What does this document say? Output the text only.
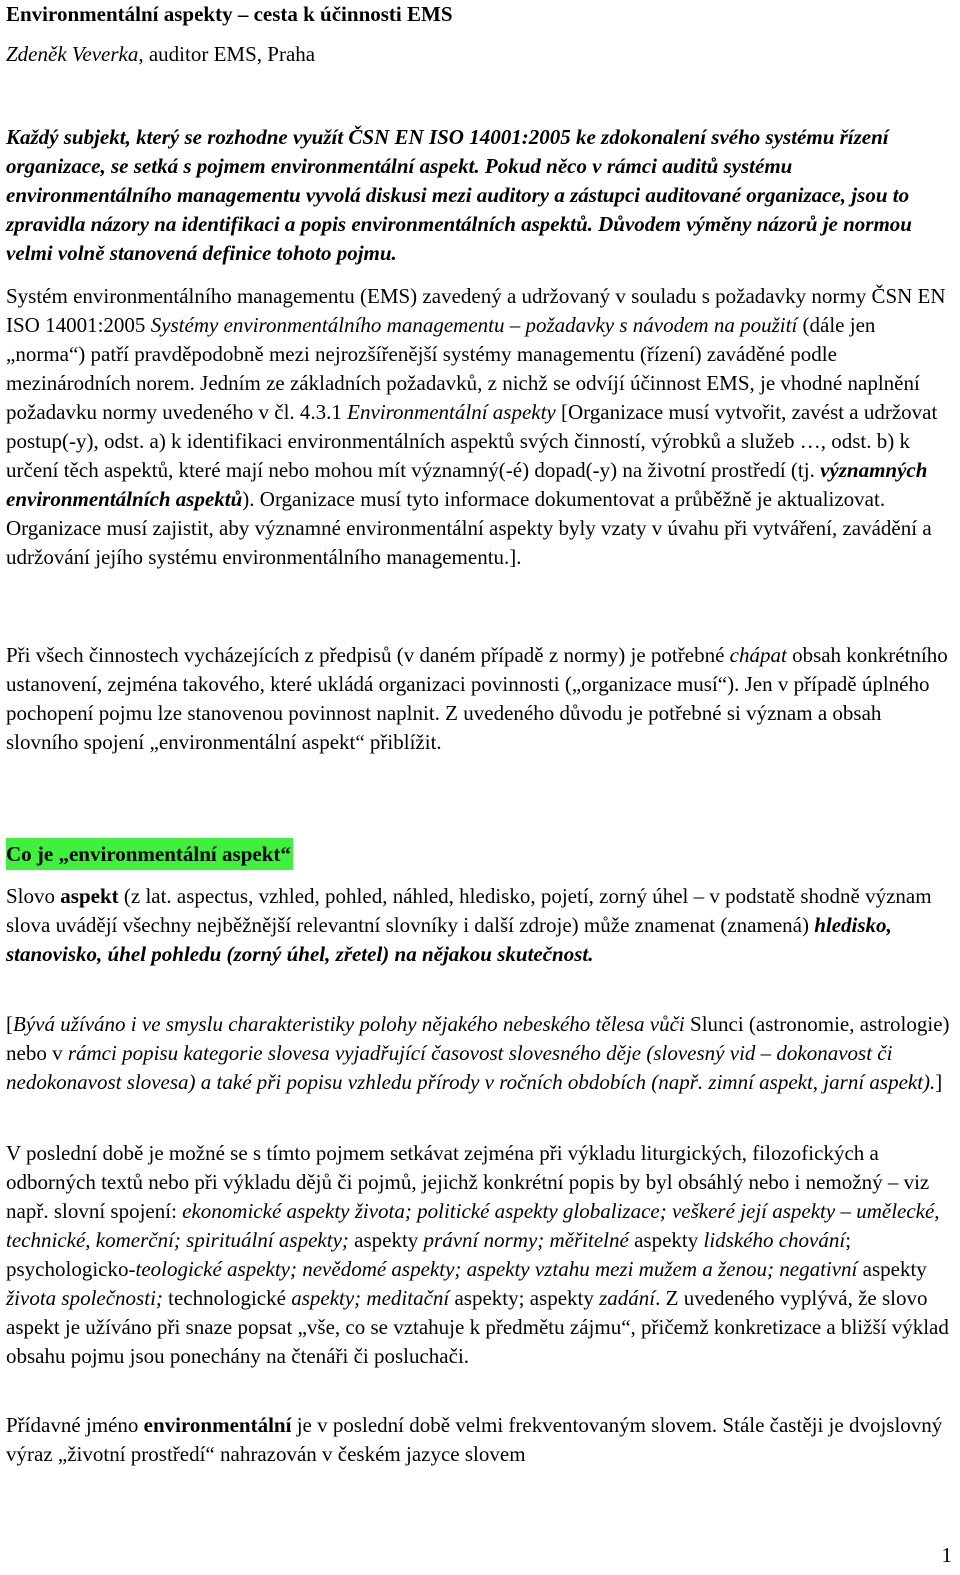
Environmentální aspekty – cesta k účinnosti EMS

Zdeněk Veverka, auditor EMS, Praha

Každý subjekt, který se rozhodne využít ČSN EN ISO 14001:2005 ke zdokonalení svého systému řízení organizace, se setká s pojmem environmentální aspekt. Pokud něco v rámci auditů systému environmentálního managementu vyvolá diskusi mezi auditory a zástupci auditované organizace, jsou to zpravidla názory na identifikaci a popis environmentálních aspektů. Důvodem výměny názorů je normou velmi volně stanovená definice tohoto pojmu.

Systém environmentálního managementu (EMS) zavedený a udržovaný v souladu s požadavky normy ČSN EN ISO 14001:2005 Systémy environmentálního managementu – požadavky s návodem na použití (dále jen „norma“) patří pravděpodobně mezi nejrozšířenější systémy managementu (řízení) zaváděné podle mezinárodních norem. Jedním ze základních požadavků, z nichž se odvíjí účinnost EMS, je vhodné naplnění požadavku normy uvedeného v čl. 4.3.1 Environmentální aspekty [Organizace musí vytvořit, zavést a udržovat postup(-y), odst. a) k identifikaci environmentálních aspektů svých činností, výrobků a služeb …, odst. b) k určení těch aspektů, které mají nebo mohou mít významný(-é) dopad(-y) na životní prostředí (tj. významných environmentálních aspektů). Organizace musí tyto informace dokumentovat a průběžně je aktualizovat. Organizace musí zajistit, aby významné environmentální aspekty byly vzaty v úvahu při vytváření, zavádění a udržování jejího systému environmentálního managementu.].

Při všech činnostech vycházejících z předpisů (v daném případě z normy) je potřebné chápat obsah konkrétního ustanovení, zejména takového, které ukládá organizaci povinnosti („organizace musí“). Jen v případě úplného pochopení pojmu lze stanovenou povinnost naplnit. Z uvedeného důvodu je potřebné si význam a obsah slovního spojení „environmentální aspekt“ přiblížit.

Co je „environmentální aspekt“

Slovo aspekt (z lat. aspectus, vzhled, pohled, náhled, hledisko, pojetí, zorný úhel – v podstatě shodně význam slova uvádějí všechny nejběžnější relevantní slovníky i další zdroje) může znamenat (znamená) hledisko, stanovisko, úhel pohledu (zorný úhel, zřetel) na nějakou skutečnost.

[Bývá užíváno i ve smyslu charakteristiky polohy nějakého nebeského tělesa vůči Slunci (astronomie, astrologie) nebo v rámci popisu kategorie slovesa vyjadřující časovost slovesného děje (slovesný vid – dokonavost či nedokonavost slovesa) a také při popisu vzhledu přírody v ročních obdobích (např. zimní aspekt, jarní aspekt).]

V poslední době je možné se s tímto pojmem setkávat zejména při výkladu liturgických, filozofických a odborných textů nebo při výkladu dějů či pojmů, jejichž konkrétní popis by byl obsáhlý nebo i nemožný – viz např. slovní spojení: ekonomické aspekty života; politické aspekty globalizace; veškeré její aspekty – umělecké, technické, komerční; spirituální aspekty; aspekty právní normy; měřitelné aspekty lidského chování; psychologicko-teologické aspekty; nevědomé aspekty; aspekty vztahu mezi mužem a ženou; negativní aspekty života společnosti; technologické aspekty; meditační aspekty; aspekty zadání. Z uvedeného vyplývá, že slovo aspekt je užíváno při snaze popsat „vše, co se vztahuje k předmětu zájmu“, přičemž konkretizace a bližší výklad obsahu pojmu jsou ponechány na čtenáři či posluchači.

Přídavné jméno environmentální je v poslední době velmi frekventovaným slovem. Stále častěji je dvojslovný výraz „životní prostředí“ nahrazován v českém jazyce slovem

1
